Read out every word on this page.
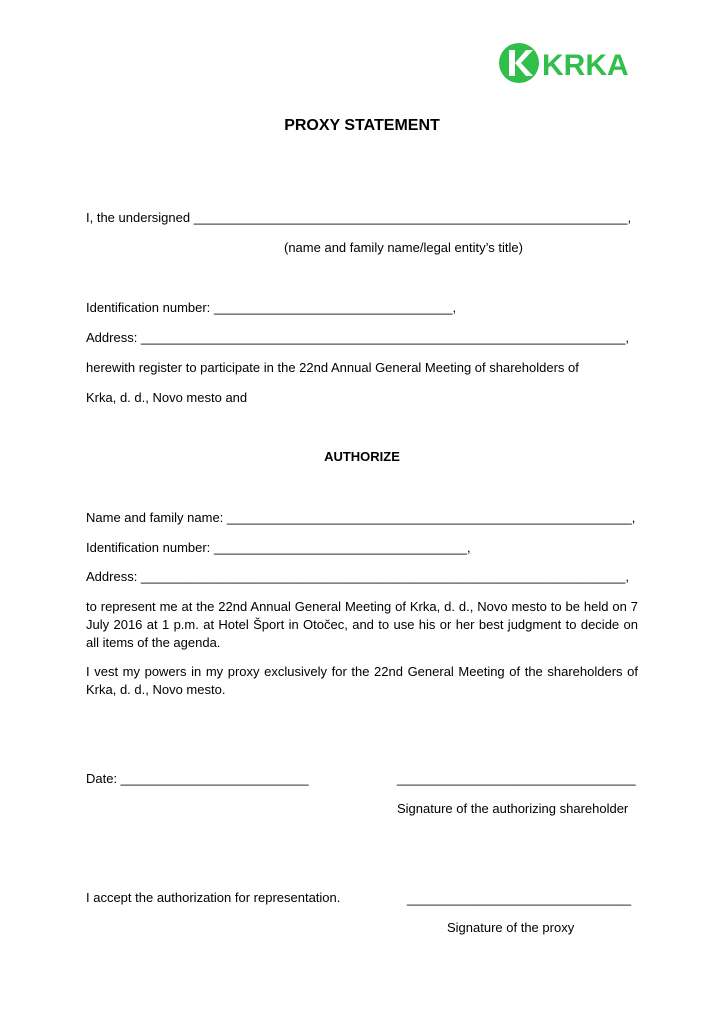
KRKA
PROXY STATEMENT
I, the undersigned ____________________________________________________________,
(name and family name/legal entity’s title)
Identification number: _________________________________,
Address: ___________________________________________________________________,
herewith register to participate in the 22nd Annual General Meeting of shareholders of
Krka, d. d., Novo mesto and
AUTHORIZE
Name and family name: ________________________________________________________,
Identification number: ___________________________________,
Address: ___________________________________________________________________,
to represent me at the 22nd Annual General Meeting of Krka, d. d., Novo mesto to be held on 7 July 2016 at 1 p.m. at Hotel Šport in Otočec, and to use his or her best judgment to decide on all items of the agenda.
I vest my powers in my proxy exclusively for the 22nd General Meeting of the shareholders of Krka, d. d., Novo mesto.
Date: __________________________	_________________________________
Signature of the authorizing shareholder
I accept the authorization for representation.	_______________________________
Signature of the proxy
